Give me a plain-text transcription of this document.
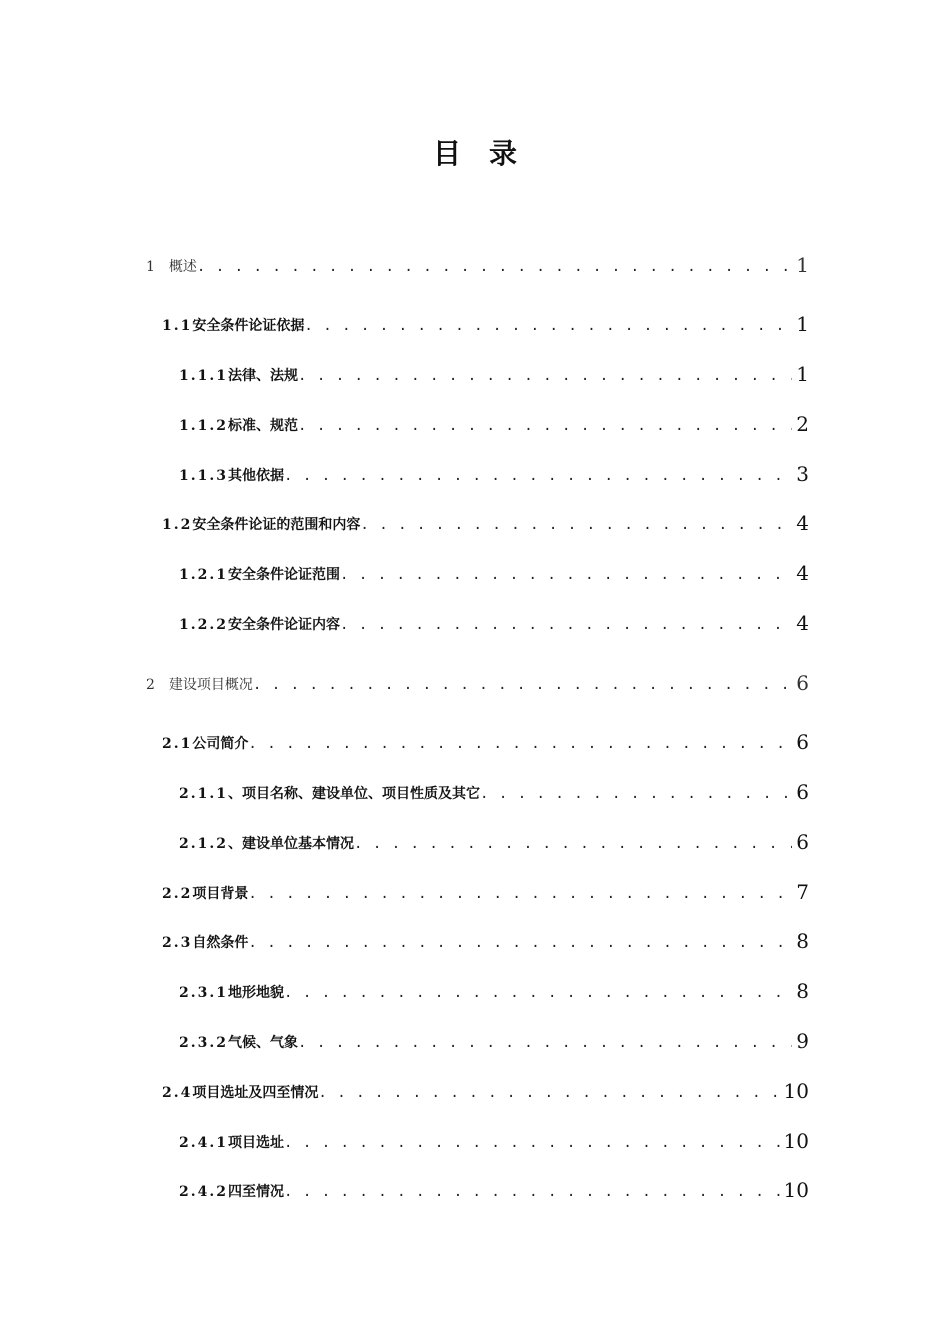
目录
1 概述 . . .	1
1.1 安全条件论证依据 . . .	1
1.1.1 法律、法规 . . .	1
1.1.2 标准、规范 . . .	2
1.1.3 其他依据 . . .	3
1.2 安全条件论证的范围和内容 . . .	4
1.2.1 安全条件论证范围 . . .	4
1.2.2 安全条件论证内容 . . .	4
2 建设项目概况 . . .	6
2.1 公司简介 . . .	6
2.1.1 、项目名称、建设单位、项目性质及其它 . . .	6
2.1.2 、建设单位基本情况 . . .	6
2.2 项目背景 . . .	7
2.3 自然条件 . . .	8
2.3.1 地形地貌 . . .	8
2.3.2 气候、气象 . . .	9
2.4 项目选址及四至情况 . . .	10
2.4.1 项目选址 . . .	10
2.4.2 四至情况 . . .	10
